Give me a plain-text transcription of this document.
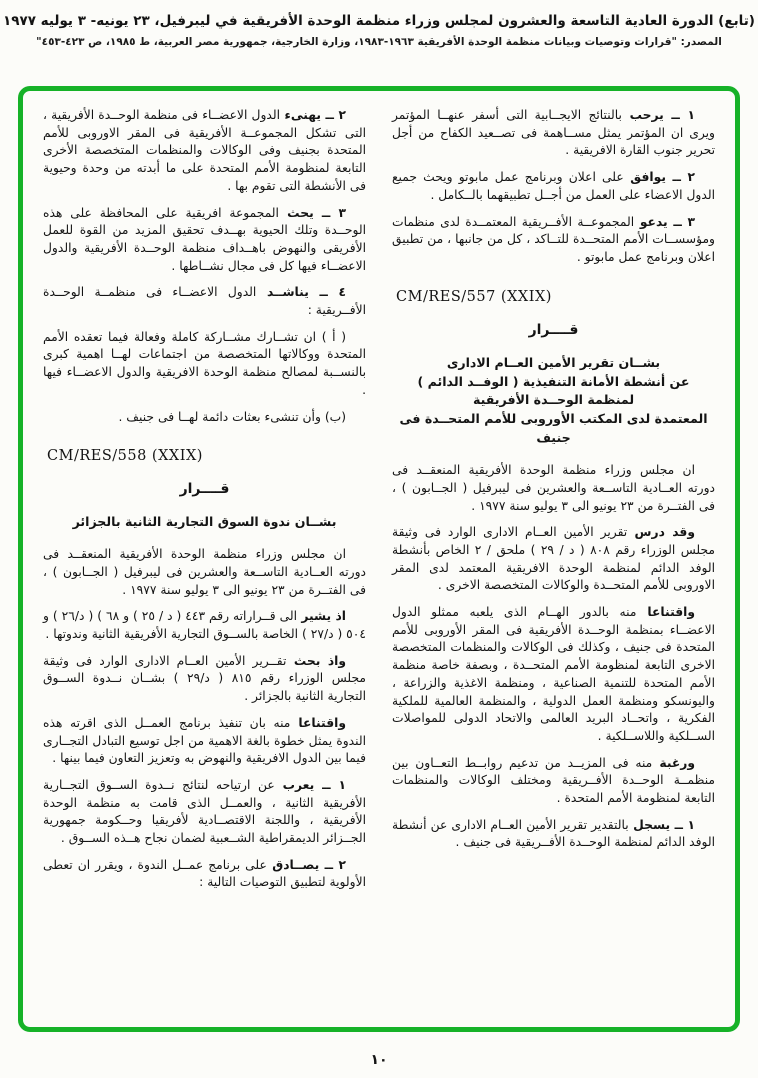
(تابع) الدورة العادية التاسعة والعشرون لمجلس وزراء منظمة الوحدة الأفريقية في ليبرفيل، ٢٣ يونيه- ٣ يوليه ١٩٧٧
المصدر: "قرارات وتوصيات وبيانات منظمة الوحدة الأفريقية ١٩٦٣-١٩٨٣، وزارة الخارجية، جمهورية مصر العربية، ط ١٩٨٥، ص ٤٢٣-٤٥٣"

١ ــ يرحب بالنتائج الايجــابية التى أسفر عنهــا المؤتمر ويرى ان المؤتمر يمثل مســاهمة فى تصــعيد الكفاح من أجل تحرير جنوب القارة الافريقية .

٢ ــ يوافق على اعلان وبرنامج عمل مابوتو ويحث جميع الدول الاعضاء على العمل من أجــل تطبيقهما بالــكامل .

٣ ــ يدعو المجموعــة الأفــريقية المعتمــدة لدى منظمات ومؤسســات الأمم المتحــدة للتــاكد ، كل من جانبها ، من تطبيق اعلان وبرنامج عمل مابوتو .

CM/RES/557 (XXIX)
قــــرار
بشــان تقرير الأمين العــام الادارى
عن أنشطة الأمانة التنفيذية ( الوفــد الدائم )
لمنظمة الوحــدة الأفريقية
المعتمدة لدى المكتب الأوروبى للأمم المتحــدة فى جنيف

ان مجلس وزراء منظمة الوحدة الأفريقية المنعقــد فى دورته العــادية التاســعة والعشرين فى ليبرفيل ( الجــابون ) ، فى الفتــرة من ٢٣ يونيو الى ٣ يوليو سنة ١٩٧٧ .

وقد درس تقرير الأمين العــام الادارى الوارد فى وثيقة مجلس الوزراء رقم ٨٠٨ ( د / ٢٩ ) ملحق / ٢ الخاص بأنشطة الوفد الدائم لمنظمة الوحدة الافريقية المعتمد لدى المقر الاوروبى للأمم المتحــدة والوكالات المتخصصة الاخرى .

واقتناعا منه بالدور الهــام الذى يلعبه ممثلو الدول الاعضــاء بمنظمة الوحــدة الأفريقية فى المقر الأوروبى للأمم المتحدة فى جنيف ، وكذلك فى الوكالات والمنظمات المتخصصة الاخرى التابعة لمنظومة الأمم المتحــدة ، وبصفة خاصة منظمة الأمم المتحدة للتنمية الصناعية ، ومنظمة الاغذية والزراعة ، واليونسكو ومنظمة العمل الدولية ، والمنظمة العالمية للملكية الفكرية ، واتحــاد البريد العالمى والاتحاد الدولى للمواصلات الســلكية واللاســلكية .

ورغبة منه فى المزيــد من تدعيم روابــط التعــاون بين منظمــة الوحــدة الأفــريقية ومختلف الوكالات والمنظمات التابعة لمنظومة الأمم المتحدة .

١ ــ يسجل بالتقدير تقرير الأمين العــام الادارى عن أنشطة الوفد الدائم لمنظمة الوحــدة الأفــريقية فى جنيف .

٢ ــ يهنىء الدول الاعضــاء فى منظمة الوحــدة الأفريقية ، التى تشكل المجموعــة الأفريقية فى المقر الاوروبى للأمم المتحدة بجنيف وفى الوكالات والمنظمات المتخصصة الأخرى التابعة لمنظومة الأمم المتحدة على ما أبدته من وحدة وحيوية فى الأنشطة التى تقوم بها .

٣ ــ يحث المجموعة افريقية على المحافظة على هذه الوحــدة وتلك الحيوية بهــدف تحقيق المزيد من القوة للعمل الأفريقى والنهوض باهــداف منظمة الوحــدة الأفريقية والدول الاعضــاء فيها كل فى مجال نشــاطها .

٤ ــ يناشــد الدول الاعضــاء فى منظمــة الوحــدة الأفــريقية :

( أ ) ان تشــارك مشــاركة كاملة وفعالة فيما تعقده الأمم المتحدة ووكالاتها المتخصصة من اجتماعات لهــا اهمية كبرى بالنســبة لمصالح منظمة الوحدة الافريقية والدول الاعضــاء فيها .

(ب) وأن تنشىء بعثات دائمة لهــا فى جنيف .

CM/RES/558 (XXIX)
قــــرار
بشــان ندوة السوق التجارية الثانية بالجزائر

ان مجلس وزراء منظمة الوحدة الأفريقية المنعقــد فى دورته العــادية التاســعة والعشرين فى ليبرفيل ( الجــابون ) ، فى الفتــرة من ٢٣ يونيو الى ٣ يوليو سنة ١٩٧٧ .

اذ يشير الى قــراراته رقم ٤٤٣ ( د / ٢٥ ) و ٦٨ ) ( د/٢٦ ) و ٥٠٤ ( د/٢٧ ) الخاصة بالســوق التجارية الأفريقية الثانية وندوتها .

واذ بحث تقــرير الأمين العــام الادارى الوارد فى وثيقة مجلس الوزراء رقم ٨١٥ ( د/٢٩ ) بشــان نــدوة الســوق التجارية الثانية بالجزائر .

واقتناعا منه بان تنفيذ برنامج العمــل الذى اقرته هذه الندوة يمثل خطوة بالغة الاهمية من اجل توسيع التبادل التجــارى فيما بين الدول الافريقية والنهوض به وتعزيز التعاون فيما بينها .

١ ــ يعرب عن ارتياحه لنتائج نــدوة الســوق التجــارية الأفريقية الثانية ، والعمــل الذى قامت به منظمة الوحدة الأفريقية ، واللجنة الاقتصــادية لأفريقيا وحــكومة جمهورية الجــزائر الديمقراطية الشــعبية لضمان نجاح هــذه الســوق .

٢ ــ يصــادق على برنامج عمــل الندوة ، ويقرر ان تعطى الأولوية لتطبيق التوصيات التالية :

١٠
